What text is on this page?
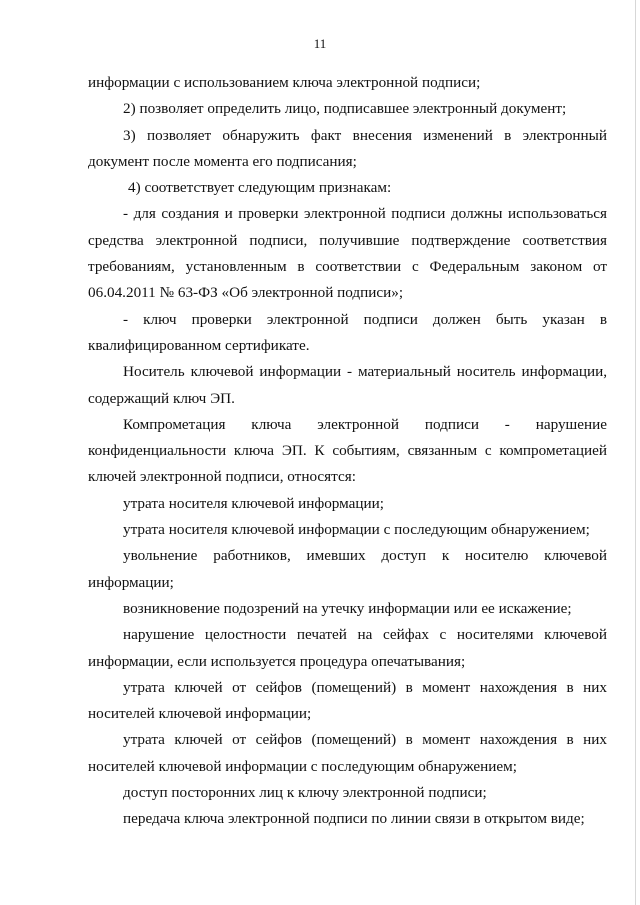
11

информации с использованием ключа электронной подписи;

2) позволяет определить лицо, подписавшее электронный документ;

3) позволяет обнаружить факт внесения изменений в электронный документ после момента его подписания;

4) соответствует следующим признакам:

- для создания и проверки электронной подписи должны использоваться средства электронной подписи, получившие подтверждение соответствия требованиям, установленным в соответствии с Федеральным законом от 06.04.2011 № 63-ФЗ «Об электронной подписи»;

- ключ проверки электронной подписи должен быть указан в квалифицированном сертификате.

Носитель ключевой информации - материальный носитель информации, содержащий ключ ЭП.

Компрометация ключа электронной подписи - нарушение конфиденциальности ключа ЭП. К событиям, связанным с компрометацией ключей электронной подписи, относятся:

утрата носителя ключевой информации;

утрата носителя ключевой информации с последующим обнаружением;

увольнение работников, имевших доступ к носителю ключевой информации;

возникновение подозрений на утечку информации или ее искажение;

нарушение целостности печатей на сейфах с носителями ключевой информации, если используется процедура опечатывания;

утрата ключей от сейфов (помещений) в момент нахождения в них носителей ключевой информации;

утрата ключей от сейфов (помещений) в момент нахождения в них носителей ключевой информации с последующим обнаружением;

доступ посторонних лиц к ключу электронной подписи;

передача ключа электронной подписи по линии связи в открытом виде;
